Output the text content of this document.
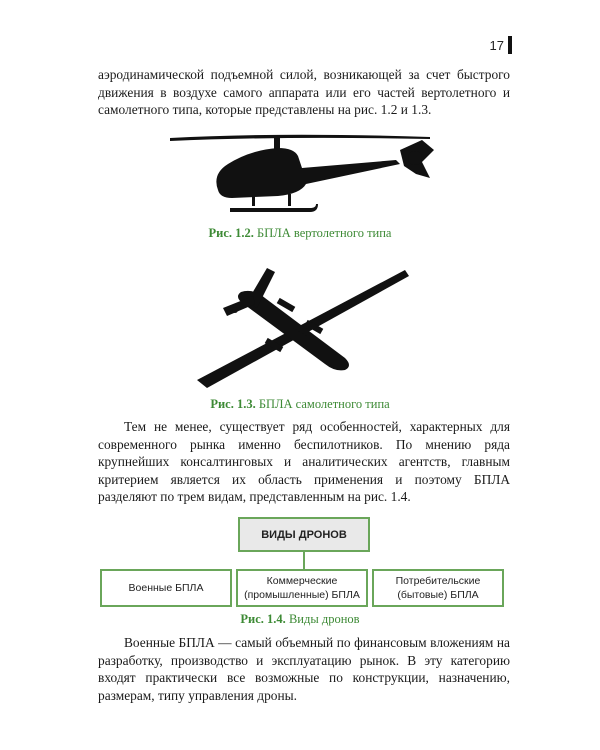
17

аэродинамической подъемной силой, возникающей за счет быстрого движения в воздухе самого аппарата или его частей вертолетного и самолетного типа, которые представлены на рис. 1.2 и 1.3.

Рис. 1.2. БПЛА вертолетного типа
Рис. 1.3. БПЛА самолетного типа

Тем не менее, существует ряд особенностей, характерных для современного рынка именно беспилотников. По мнению ряда крупнейших консалтинговых и аналитических агентств, главным критерием является их область применения и поэтому БПЛА разделяют по трем видам, представленным на рис. 1.4.

ВИДЫ ДРОНОВ
Военные БПЛА
Коммерческие (промышленные) БПЛА
Потребительские (бытовые) БПЛА
Рис. 1.4. Виды дронов

Военные БПЛА — самый объемный по финансовым вложениям на разработку, производство и эксплуатацию рынок. В эту категорию входят практически все возможные по конструкции, назначению, размерам, типу управления дроны.
